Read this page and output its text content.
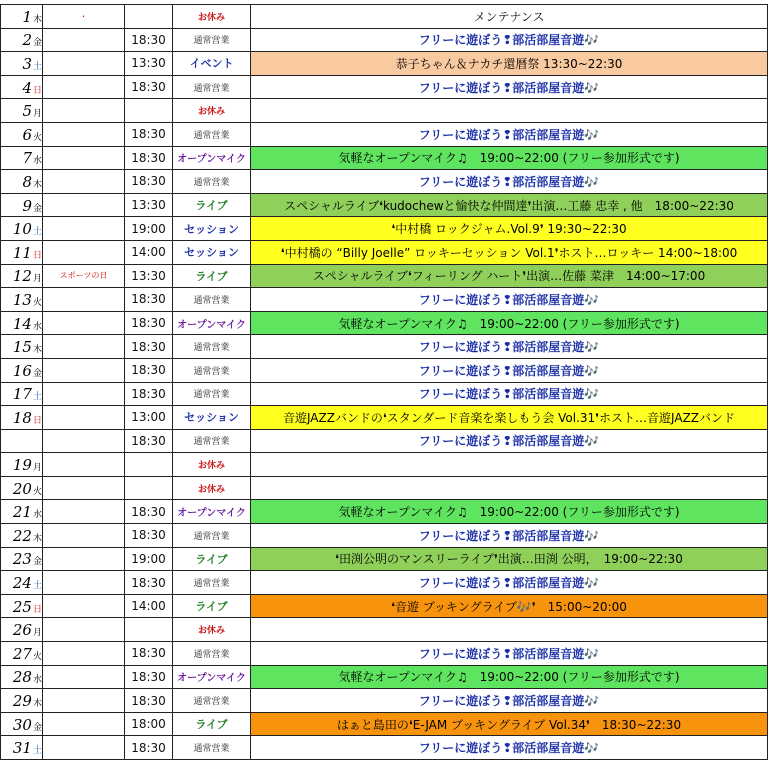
1木	･		お休み	メンテナンス
2金		18:30	通常営業	フリーに遊ぼう❢部活部屋音遊🎶
3土		13:30	イベント	恭子ちゃん＆ナカチ還暦祭 13:30~22:30
4日		18:30	通常営業	フリーに遊ぼう❢部活部屋音遊🎶
5月			お休み	
6火		18:30	通常営業	フリーに遊ぼう❢部活部屋音遊🎶
7水		18:30	オープンマイク	気軽なオープンマイク♫　19:00~22:00 (フリー参加形式です)
8木		18:30	通常営業	フリーに遊ぼう❢部活部屋音遊🎶
9金		13:30	ライブ	スペシャルライブ❛kudochewと愉快な仲間達❜出演…工藤 忠幸 , 他　18:00~22:30
10土		19:00	セッション	❛中村橋 ロックジャム.Vol.9❜ 19:30~22:30
11日		14:00	セッション	❛中村橋の “Billy Joelle” ロッキーセッション Vol.1❜ホスト…ロッキー 14:00~18:00
12月	スポーツの日	13:30	ライブ	スペシャルライブ❛フィーリング ハート❜出演…佐藤 菜津　14:00~17:00
13火		18:30	通常営業	フリーに遊ぼう❢部活部屋音遊🎶
14水		18:30	オープンマイク	気軽なオープンマイク♫　19:00~22:00 (フリー参加形式です)
15木		18:30	通常営業	フリーに遊ぼう❢部活部屋音遊🎶
16金		18:30	通常営業	フリーに遊ぼう❢部活部屋音遊🎶
17土		18:30	通常営業	フリーに遊ぼう❢部活部屋音遊🎶
18日		13:00	セッション	音遊JAZZバンドの❛スタンダード音楽を楽しもう会 Vol.31❜ホスト…音遊JAZZバンド
		18:30	通常営業	フリーに遊ぼう❢部活部屋音遊🎶
19月			お休み	
20火			お休み	
21水		18:30	オープンマイク	気軽なオープンマイク♫　19:00~22:00 (フリー参加形式です)
22木		18:30	通常営業	フリーに遊ぼう❢部活部屋音遊🎶
23金		19:00	ライブ	❛田渕公明のマンスリーライブ❜出演…田渕 公明，　19:00~22:30
24土		18:30	通常営業	フリーに遊ぼう❢部活部屋音遊🎶
25日		14:00	ライブ	❛音遊 ブッキングライブ🎶❜　15:00~20:00
26月			お休み	
27火		18:30	通常営業	フリーに遊ぼう❢部活部屋音遊🎶
28水		18:30	オープンマイク	気軽なオープンマイク♫　19:00~22:00 (フリー参加形式です)
29木		18:30	通常営業	フリーに遊ぼう❢部活部屋音遊🎶
30金		18:00	ライブ	はぁと島田の❛E-JAM ブッキングライブ Vol.34❜　18:30~22:30
31土		18:30	通常営業	フリーに遊ぼう❢部活部屋音遊🎶
